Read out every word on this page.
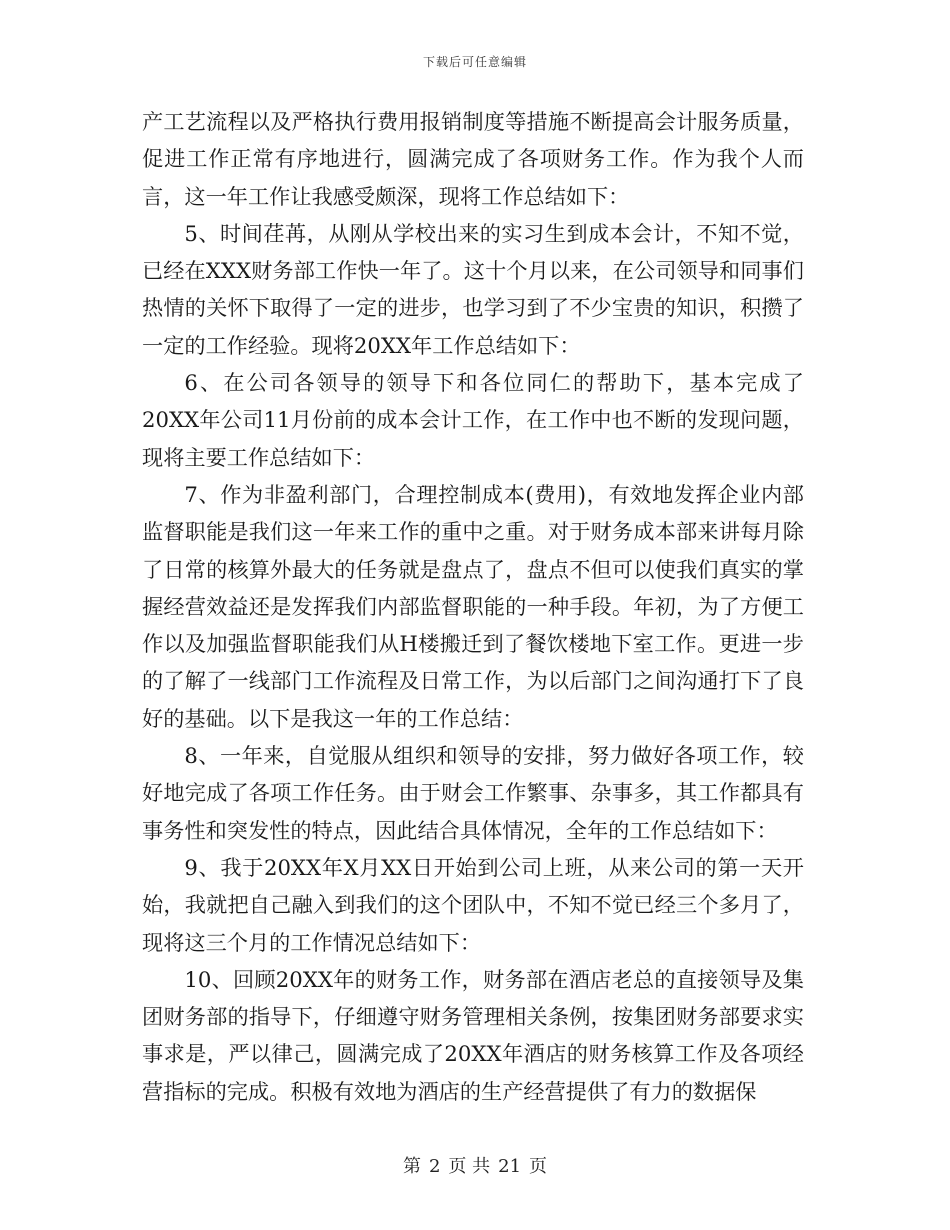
下载后可任意编辑

产工艺流程以及严格执行费用报销制度等措施不断提高会计服务质量，促进工作正常有序地进行，圆满完成了各项财务工作。作为我个人而言，这一年工作让我感受颇深，现将工作总结如下：

5、时间荏苒，从刚从学校出来的实习生到成本会计，不知不觉，已经在XXX财务部工作快一年了。这十个月以来，在公司领导和同事们热情的关怀下取得了一定的进步，也学习到了不少宝贵的知识，积攒了一定的工作经验。现将20XX年工作总结如下：

6、在公司各领导的领导下和各位同仁的帮助下，基本完成了20XX年公司11月份前的成本会计工作，在工作中也不断的发现问题，现将主要工作总结如下：

7、作为非盈利部门，合理控制成本(费用)，有效地发挥企业内部监督职能是我们这一年来工作的重中之重。对于财务成本部来讲每月除了日常的核算外最大的任务就是盘点了，盘点不但可以使我们真实的掌握经营效益还是发挥我们内部监督职能的一种手段。年初，为了方便工作以及加强监督职能我们从H楼搬迁到了餐饮楼地下室工作。更进一步的了解了一线部门工作流程及日常工作，为以后部门之间沟通打下了良好的基础。以下是我这一年的工作总结：

8、一年来，自觉服从组织和领导的安排，努力做好各项工作，较好地完成了各项工作任务。由于财会工作繁事、杂事多，其工作都具有事务性和突发性的特点，因此结合具体情况，全年的工作总结如下：

9、我于20XX年X月XX日开始到公司上班，从来公司的第一天开始，我就把自己融入到我们的这个团队中，不知不觉已经三个多月了，现将这三个月的工作情况总结如下：

10、回顾20XX年的财务工作，财务部在酒店老总的直接领导及集团财务部的指导下，仔细遵守财务管理相关条例，按集团财务部要求实事求是，严以律己，圆满完成了20XX年酒店的财务核算工作及各项经营指标的完成。积极有效地为酒店的生产经营提供了有力的数据保

第 2 页 共 21 页
